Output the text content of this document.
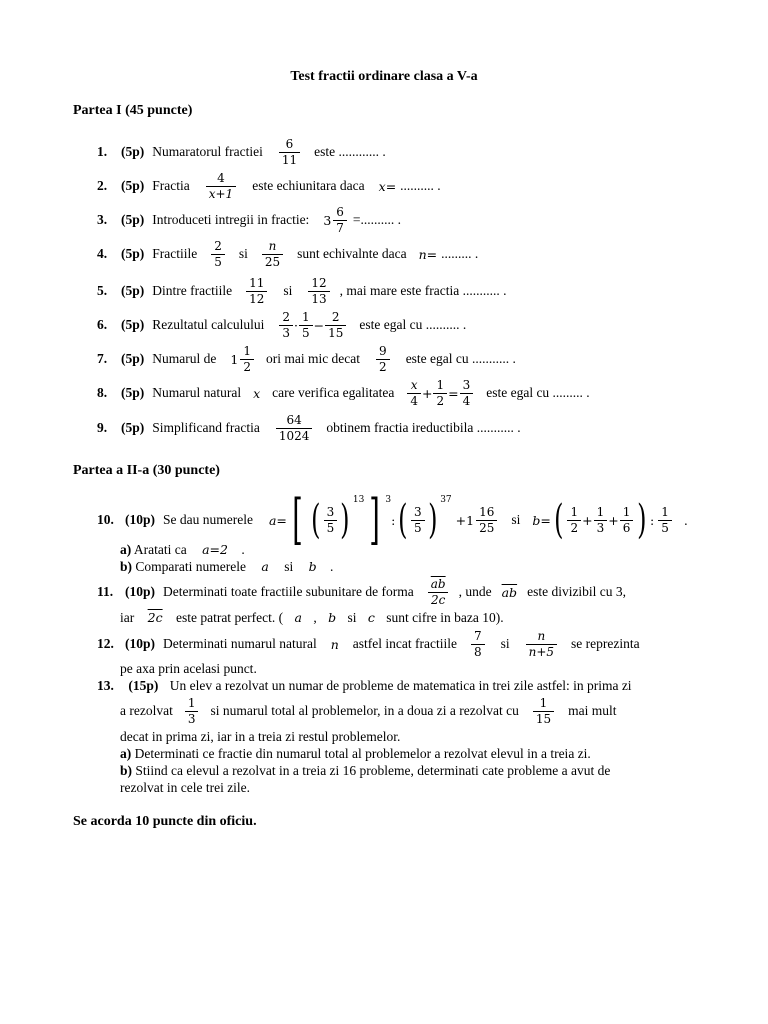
Test fractii ordinare clasa a V-a
Partea I (45 puncte)
1.	(5p) Numaratorul fractiei $\frac{6}{11}$ este ............ .
2.	(5p) Fractia $\frac{4}{x+1}$ este echiunitara daca x= .......... .
3.	(5p) Introduceti intregii in fractie: $3 \frac{6}{7}$ =.......... .
4.	(5p) Fractiile $\frac{2}{5}$ si $\frac{n}{25}$ sunt echivalnte daca n= ......... .
5.	(5p) Dintre fractiile $\frac{11}{12}$ si $\frac{12}{13}$ , mai mare este fractia ........... .
6.	(5p) Rezultatul calculului $\frac{2}{3} \cdot \frac{1}{5} - \frac{2}{15}$ este egal cu .......... .
7.	(5p) Numarul de $1 \frac{1}{2}$ ori mai mic decat $\frac{9}{2}$ este egal cu ........... .
8.	(5p) Numarul natural x care verifica egalitatea $\frac{x}{4} + \frac{1}{2} = \frac{3}{4}$ este egal cu ......... .
9.	(5p) Simplificand fractia $\frac{64}{1024}$ obtinem fractia ireductibila ........... .
Partea a II-a (30 puncte)
10. (10p) Se dau numerele a= [ ( $\frac{3}{5}$ ) 13 ] 3
: ( $\frac{3}{5}$ ) 37
$+1 \frac{16}{25}$ si b= ( $\frac{1}{2} + \frac{1}{3} + \frac{1}{6}$ ) : $\frac{1}{5}$ .
a) Aratati ca a=2 .
b) Comparati numerele a si b .
11. (10p) Determinati toate fractiile subunitare de forma $\frac{\overline{ab}}{2c}$ , unde $\overline{ab}$ este divizibil cu 3,
iar 2c este patrat perfect. ( a , b si c sunt cifre in baza 10).
12. (10p) Determinati numarul natural n astfel incat fractiile $\frac{7}{8}$ si $\frac{n}{n+5}$ se reprezinta
pe axa prin acelasi punct.
13. (15p) Un elev a rezolvat un numar de probleme de matematica in trei zile astfel: in prima zi
a rezolvat $\frac{1}{3}$ si numarul total al problemelor, in a doua zi a rezolvat cu $\frac{1}{15}$ mai mult
decat in prima zi, iar in a treia zi restul problemelor.
a) Determinati ce fractie din numarul total al problemelor a rezolvat elevul in a treia zi.
b) Stiind ca elevul a rezolvat in a treia zi 16 probleme, determinati cate probleme a avut de
rezolvat in cele trei zile.
Se acorda 10 puncte din oficiu.
